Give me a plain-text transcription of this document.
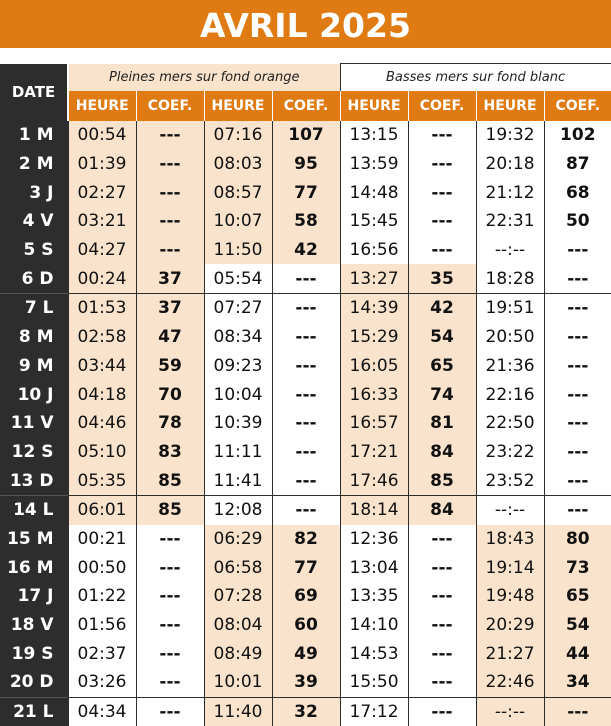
AVRIL 2025
DATE	Pleines mers sur fond orange				Basses mers sur fond blanc			
	HEURE	COEF.	HEURE	COEF.	HEURE	COEF.	HEURE	COEF.
1 M	00:54	---	07:16	107	13:15	---	19:32	102
2 M	01:39	---	08:03	95	13:59	---	20:18	87
3 J	02:27	---	08:57	77	14:48	---	21:12	68
4 V	03:21	---	10:07	58	15:45	---	22:31	50
5 S	04:27	---	11:50	42	16:56	---	--:--	---
6 D	00:24	37	05:54	---	13:27	35	18:28	---
7 L	01:53	37	07:27	---	14:39	42	19:51	---
8 M	02:58	47	08:34	---	15:29	54	20:50	---
9 M	03:44	59	09:23	---	16:05	65	21:36	---
10 J	04:18	70	10:04	---	16:33	74	22:16	---
11 V	04:46	78	10:39	---	16:57	81	22:50	---
12 S	05:10	83	11:11	---	17:21	84	23:22	---
13 D	05:35	85	11:41	---	17:46	85	23:52	---
14 L	06:01	85	12:08	---	18:14	84	--:--	---
15 M	00:21	---	06:29	82	12:36	---	18:43	80
16 M	00:50	---	06:58	77	13:04	---	19:14	73
17 J	01:22	---	07:28	69	13:35	---	19:48	65
18 V	01:56	---	08:04	60	14:10	---	20:29	54
19 S	02:37	---	08:49	49	14:53	---	21:27	44
20 D	03:26	---	10:01	39	15:50	---	22:46	34
21 L	04:34	---	11:40	32	17:12	---	--:--	---
